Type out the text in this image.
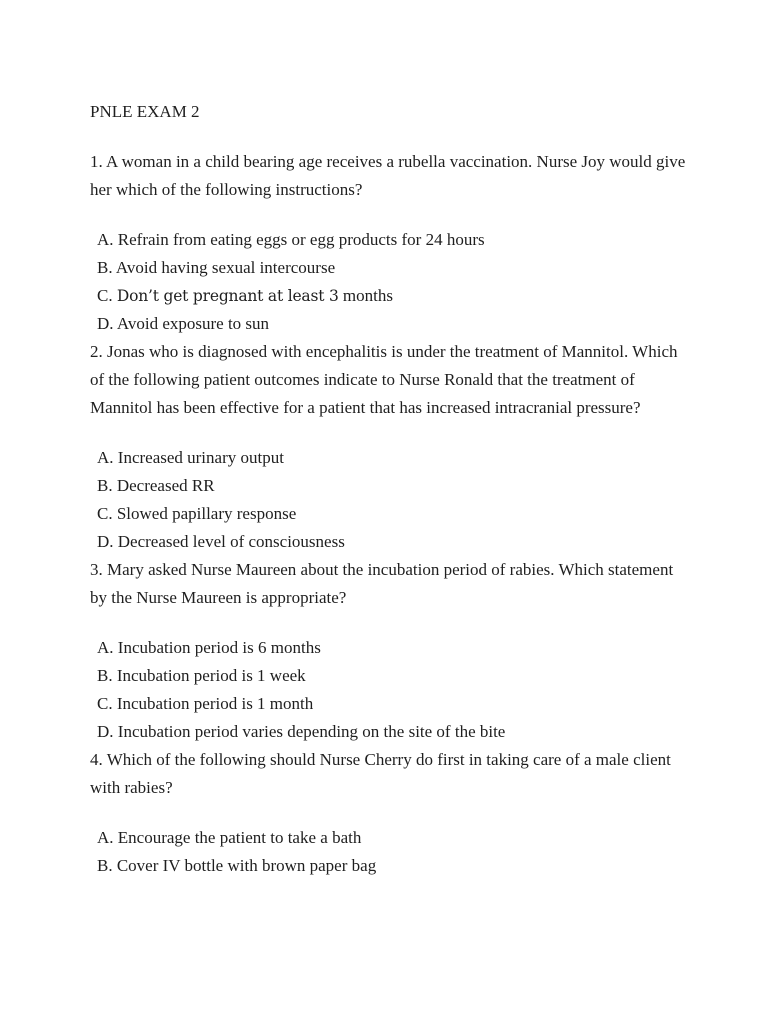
PNLE EXAM 2

1. A woman in a child bearing age receives a rubella vaccination. Nurse Joy would give her which of the following instructions?

A. Refrain from eating eggs or egg products for 24 hours
B. Avoid having sexual intercourse
C. Don’t get pregnant at least 3 months
D. Avoid exposure to sun

2. Jonas who is diagnosed with encephalitis is under the treatment of Mannitol. Which of the following patient outcomes indicate to Nurse Ronald that the treatment of Mannitol has been effective for a patient that has increased intracranial pressure?

A. Increased urinary output
B. Decreased RR
C. Slowed papillary response
D. Decreased level of consciousness

3. Mary asked Nurse Maureen about the incubation period of rabies. Which statement by the Nurse Maureen is appropriate?

A. Incubation period is 6 months
B. Incubation period is 1 week
C. Incubation period is 1 month
D. Incubation period varies depending on the site of the bite

4. Which of the following should Nurse Cherry do first in taking care of a male client with rabies?

A. Encourage the patient to take a bath
B. Cover IV bottle with brown paper bag
